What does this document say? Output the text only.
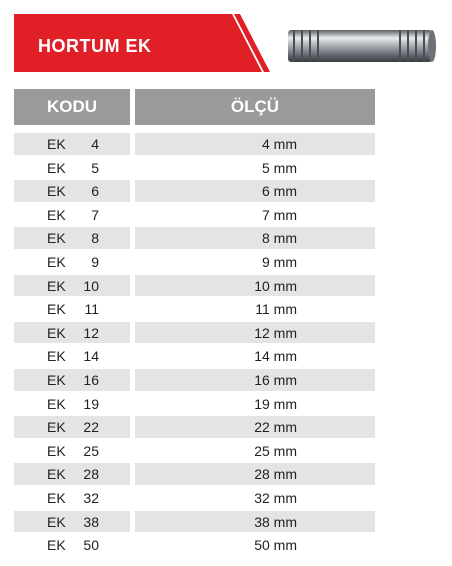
HORTUM EK
KODU	ÖLÇÜ
EK 4	4 mm
EK 5	5 mm
EK 6	6 mm
EK 7	7 mm
EK 8	8 mm
EK 9	9 mm
EK 10	10 mm
EK 11	11 mm
EK 12	12 mm
EK 14	14 mm
EK 16	16 mm
EK 19	19 mm
EK 22	22 mm
EK 25	25 mm
EK 28	28 mm
EK 32	32 mm
EK 38	38 mm
EK 50	50 mm
